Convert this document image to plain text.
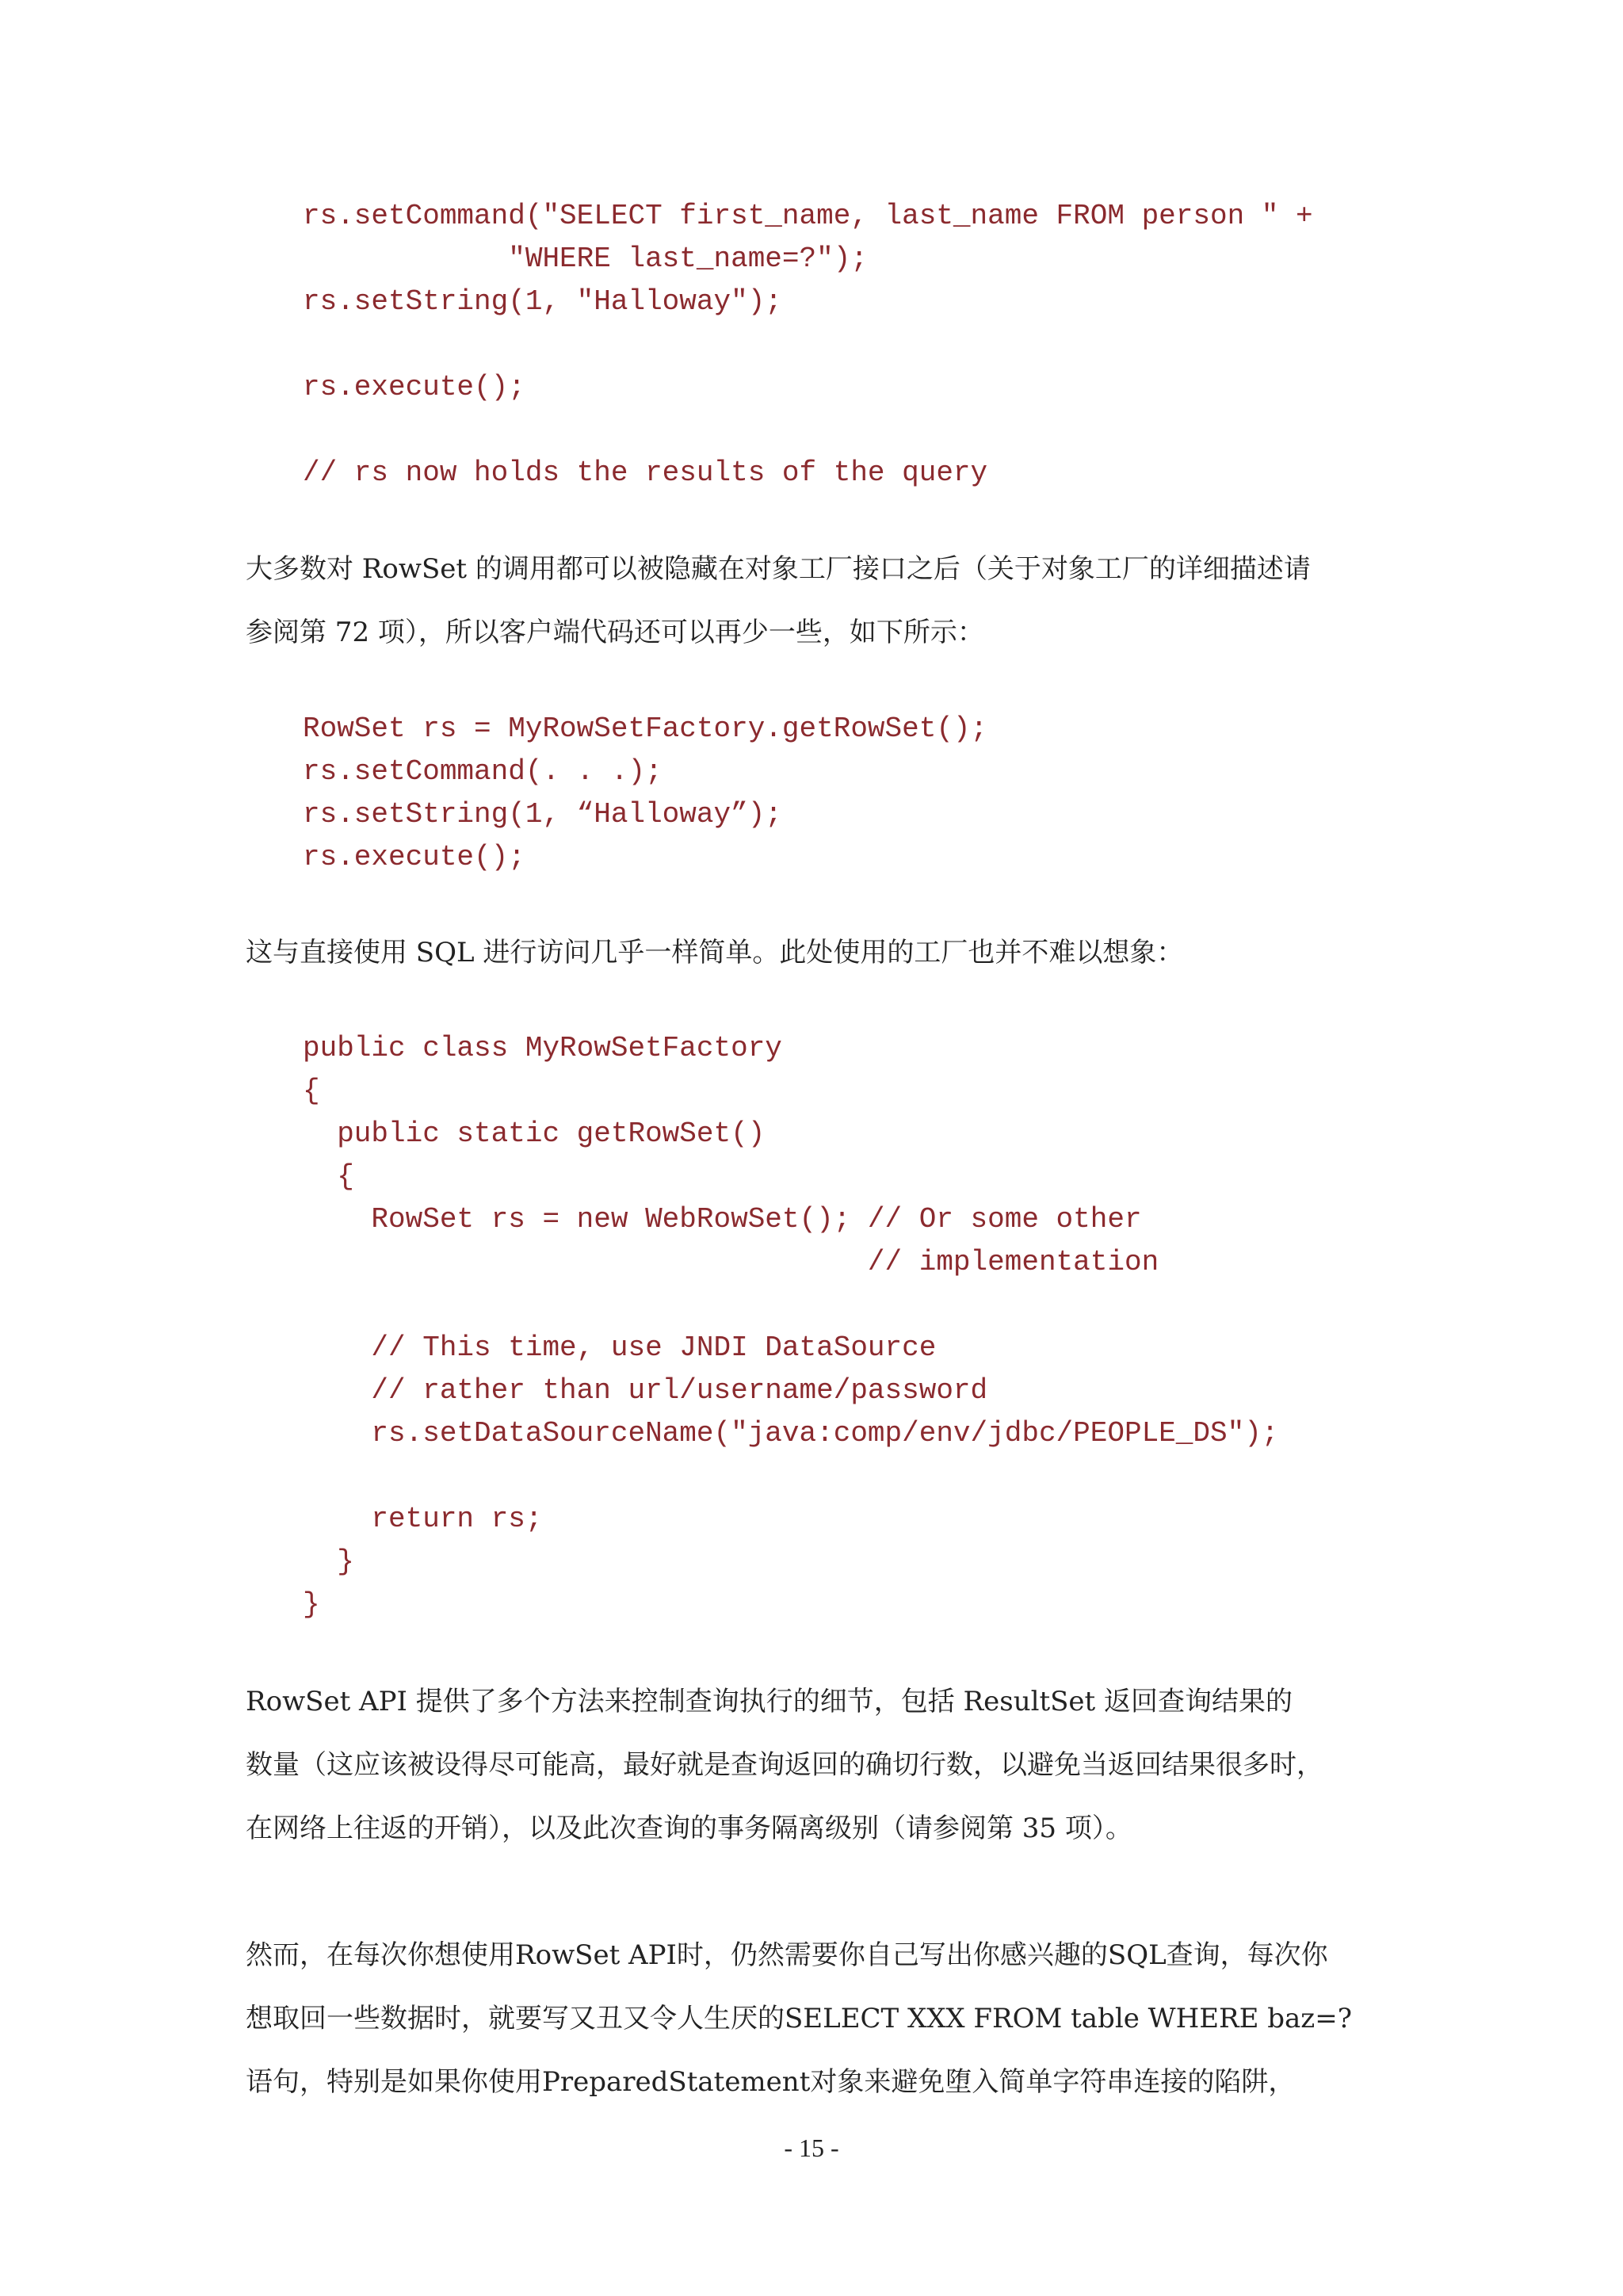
rs.setCommand("SELECT first_name, last_name FROM person " +
"WHERE last_name=?");
rs.setString(1, "Halloway");
rs.execute();
// rs now holds the results of the query
大多数对 RowSet 的调用都可以被隐藏在对象工厂接口之后（关于对象工厂的详细描述请
参阅第 72 项），所以客户端代码还可以再少一些，如下所示：
RowSet rs = MyRowSetFactory.getRowSet();
rs.setCommand(. . .);
rs.setString(1, “Halloway”);
rs.execute();
这与直接使用 SQL 进行访问几乎一样简单。此处使用的工厂也并不难以想象：
public class MyRowSetFactory
{
public static getRowSet()
{
RowSet rs = new WebRowSet(); // Or some other
// implementation
// This time, use JNDI DataSource
// rather than url/username/password
rs.setDataSourceName("java:comp/env/jdbc/PEOPLE_DS");
return rs;
}
}
RowSet API 提供了多个方法来控制查询执行的细节，包括 ResultSet 返回查询结果的
数量（这应该被设得尽可能高，最好就是查询返回的确切行数，以避免当返回结果很多时，
在网络上往返的开销），以及此次查询的事务隔离级别（请参阅第 35 项）。
然而，在每次你想使用RowSet API时，仍然需要你自己写出你感兴趣的SQL查询，每次你
想取回一些数据时，就要写又丑又令人生厌的SELECT XXX FROM table WHERE baz=?
语句，特别是如果你使用PreparedStatement对象来避免堕入简单字符串连接的陷阱，
- 15 -
